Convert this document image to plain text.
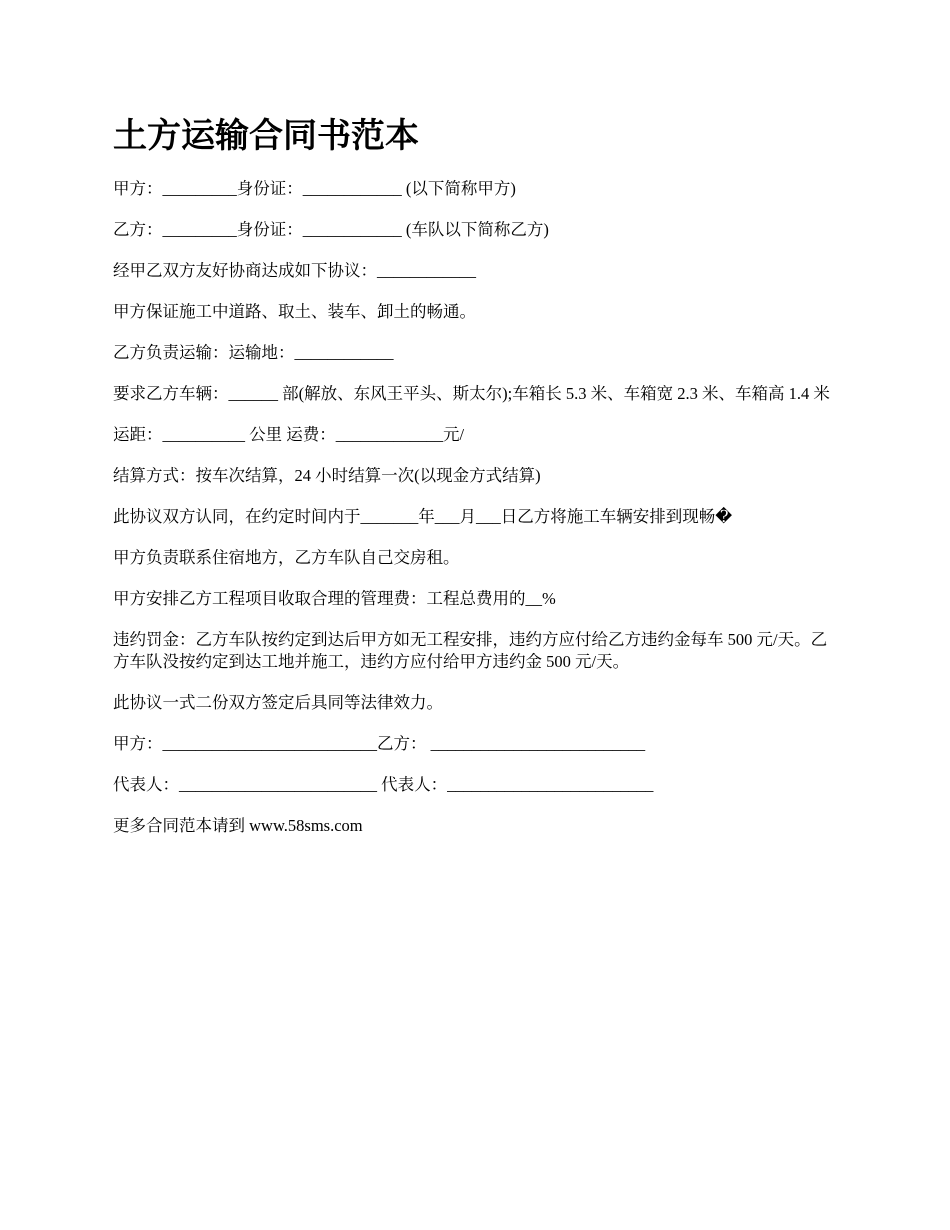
土方运输合同书范本

甲方：_________身份证：____________ (以下简称甲方)

乙方：_________身份证：____________ (车队以下简称乙方)

经甲乙双方友好协商达成如下协议：____________

甲方保证施工中道路、取土、装车、卸土的畅通。

乙方负责运输：运输地：____________

要求乙方车辆：______ 部(解放、东风王平头、斯太尔);车箱长 5.3 米、车箱宽 2.3 米、车箱高 1.4 米

运距：__________ 公里 运费：_____________元/

结算方式：按车次结算，24 小时结算一次(以现金方式结算)

此协议双方认同，在约定时间内于_______年___月___日乙方将施工车辆安排到现畅�

甲方负责联系住宿地方，乙方车队自己交房租。

甲方安排乙方工程项目收取合理的管理费：工程总费用的__%

违约罚金：乙方车队按约定到达后甲方如无工程安排，违约方应付给乙方违约金每车 500 元/天。乙方车队没按约定到达工地并施工，违约方应付给甲方违约金 500 元/天。

此协议一式二份双方签定后具同等法律效力。

甲方：__________________________乙方： __________________________

代表人：________________________ 代表人：_________________________

更多合同范本请到 www.58sms.com
